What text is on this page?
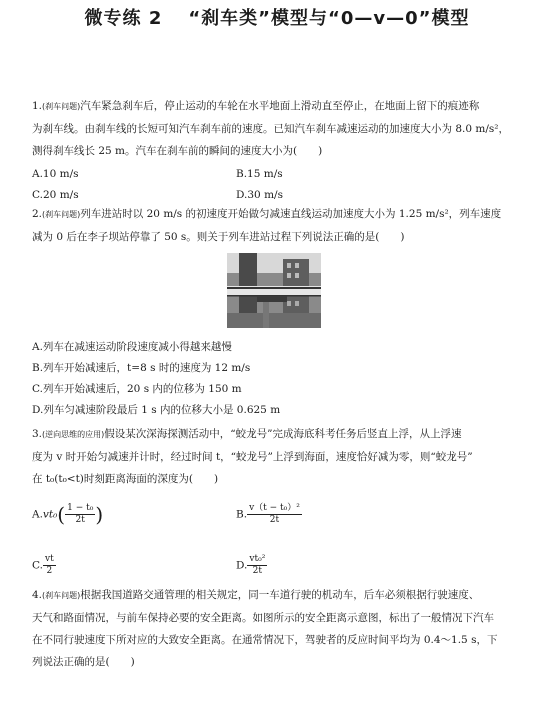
微专练 2 “刹车类”模型与“0—v—0”模型
1.(刹车问题)汽车紧急刹车后，停止运动的车轮在水平地面上滑动直至停止，在地面上留下的痕迹称
为刹车线。由刹车线的长短可知汽车刹车前的速度。已知汽车刹车减速运动的加速度大小为 8.0 m/s²，
测得刹车线长 25 m。汽车在刹车前的瞬间的速度大小为(　　)
A.10 m/s	B.15 m/s
C.20 m/s	D.30 m/s
2.(刹车问题)列车进站时以 20 m/s 的初速度开始做匀减速直线运动加速度大小为 1.25 m/s²，列车速度
减为 0 后在李子坝站停靠了 50 s。则关于列车进站过程下列说法正确的是(　　)
A.列车在减速运动阶段速度减小得越来越慢
B.列车开始减速后，t=8 s 时的速度为 12 m/s
C.列车开始减速后，20 s 内的位移为 150 m
D.列车匀减速阶段最后 1 s 内的位移大小是 0.625 m
3.(逆向思维的应用)假设某次深海探测活动中，“蛟龙号”完成海底科考任务后竖直上浮，从上浮速
度为 v 时开始匀减速并计时，经过时间 t，“蛟龙号”上浮到海面，速度恰好减为零，则“蛟龙号”
在 t₀(t₀<t)时刻距离海面的深度为(　　)
$A.vt_0( \frac{\text{1 − t₀}}{2t}$ )	B. $\frac{\text{v（t − t₀）²}}{2t}$
C. $\frac{vt}{2}$	D. $\frac{\text{vt₀²}}{2t}$
4.(刹车问题)根据我国道路交通管理的相关规定，同一车道行驶的机动车，后车必须根据行驶速度、
天气和路面情况，与前车保持必要的安全距离。如图所示的安全距离示意图，标出了一般情况下汽车
在不同行驶速度下所对应的大致安全距离。在通常情况下，驾驶者的反应时间平均为 0.4～1.5 s，下
列说法正确的是(　　)
